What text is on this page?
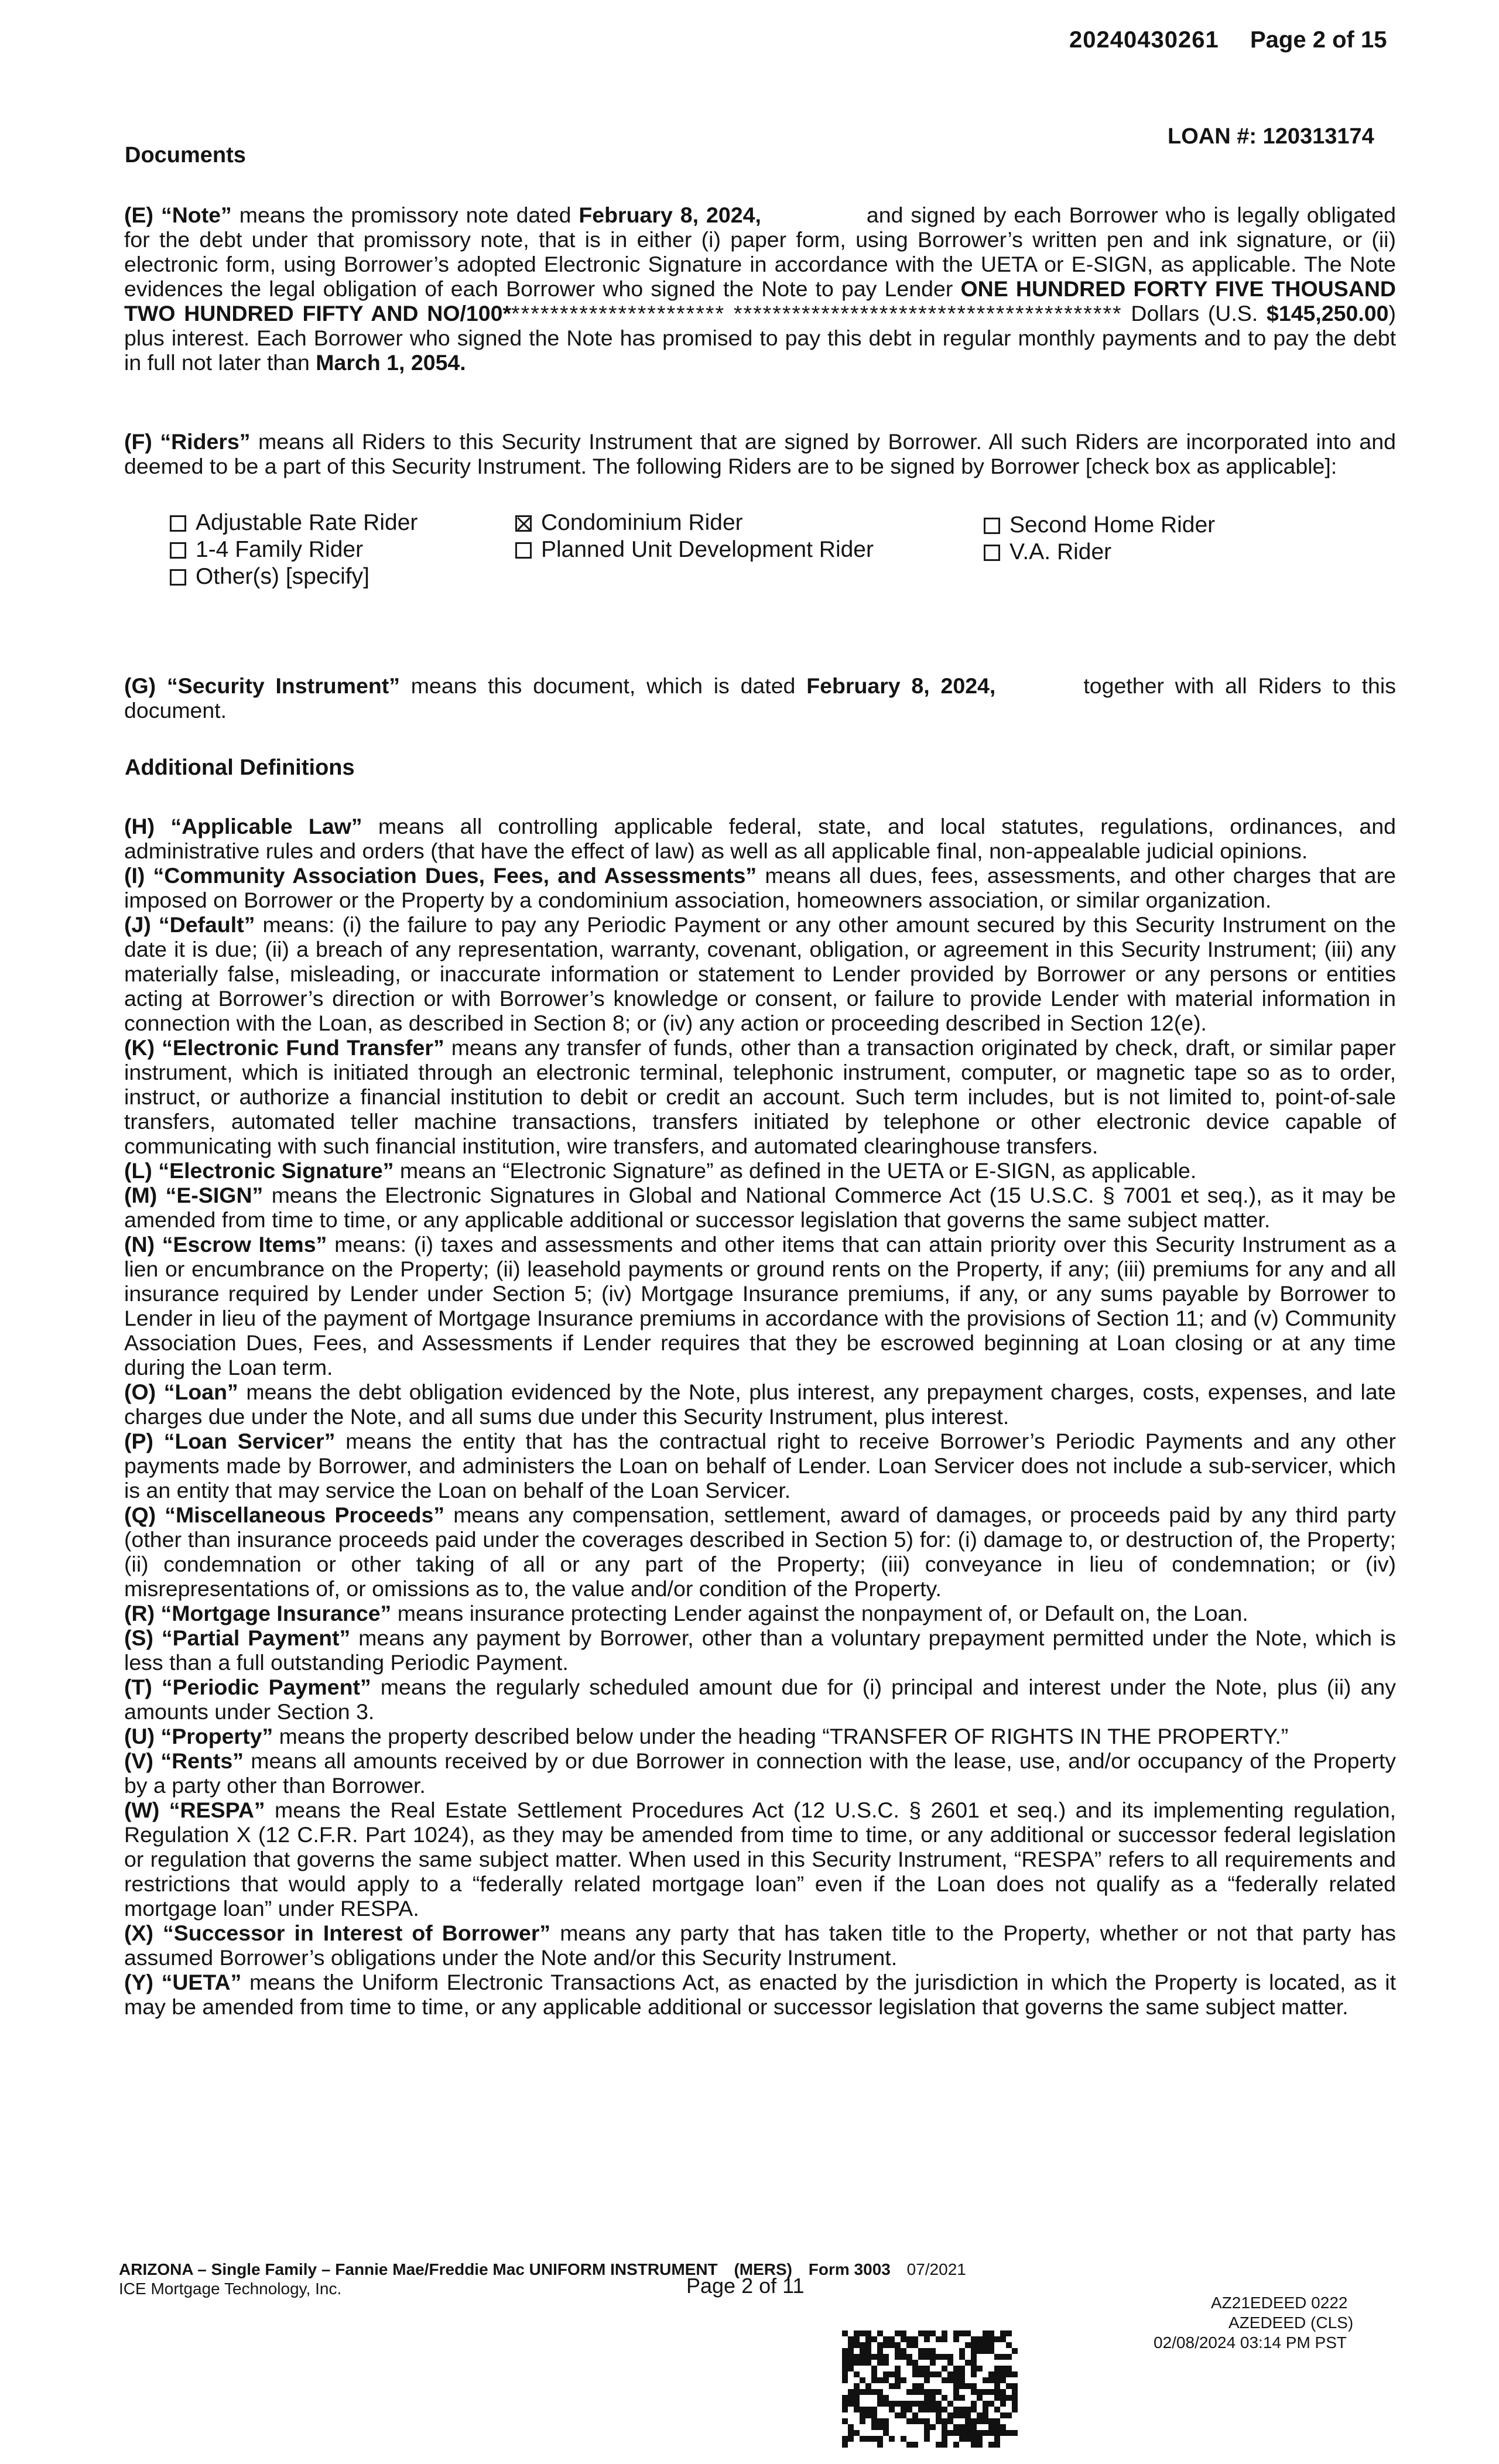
20240430261 Page 2 of 15
LOAN #: 120313174
Documents

(E) “Note” means the promissory note dated February 8, 2024,	and signed by each Borrower who is legally obligated for the debt under that promissory note, that is in either (i) paper form, using Borrower’s written pen and ink signature, or (ii) electronic form, using Borrower’s adopted Electronic Signature in accordance with the UETA or E-SIGN, as applicable. The Note evidences the legal obligation of each Borrower who signed the Note to pay Lender ONE HUNDRED FORTY FIVE THOUSAND TWO HUNDRED FIFTY AND NO/100*********************** **************************************** Dollars (U.S. $145,250.00) plus interest. Each Borrower who signed the Note has promised to pay this debt in regular monthly payments and to pay the debt in full not later than March 1, 2054.

(F) “Riders” means all Riders to this Security Instrument that are signed by Borrower. All such Riders are incorporated into and deemed to be a part of this Security Instrument. The following Riders are to be signed by Borrower [check box as applicable]:

Adjustable Rate Rider
1-4 Family Rider
Other(s) [specify]
Condominium Rider
Planned Unit Development Rider
Second Home Rider
V.A. Rider

(G) “Security Instrument” means this document, which is dated February 8, 2024,	together with all Riders to this document.

Additional Definitions

(H) “Applicable Law” means all controlling applicable federal, state, and local statutes, regulations, ordinances, and administrative rules and orders (that have the effect of law) as well as all applicable final, non-appealable judicial opinions.

(I) “Community Association Dues, Fees, and Assessments” means all dues, fees, assessments, and other charges that are imposed on Borrower or the Property by a condominium association, homeowners association, or similar organization.

(J) “Default” means: (i) the failure to pay any Periodic Payment or any other amount secured by this Security Instrument on the date it is due; (ii) a breach of any representation, warranty, covenant, obligation, or agreement in this Security Instrument; (iii) any materially false, misleading, or inaccurate information or statement to Lender provided by Borrower or any persons or entities acting at Borrower’s direction or with Borrower’s knowledge or consent, or failure to provide Lender with material information in connection with the Loan, as described in Section 8; or (iv) any action or proceeding described in Section 12(e).

(K) “Electronic Fund Transfer” means any transfer of funds, other than a transaction originated by check, draft, or similar paper instrument, which is initiated through an electronic terminal, telephonic instrument, computer, or magnetic tape so as to order, instruct, or authorize a financial institution to debit or credit an account. Such term includes, but is not limited to, point-of-sale transfers, automated teller machine transactions, transfers initiated by telephone or other electronic device capable of communicating with such financial institution, wire transfers, and automated clearinghouse transfers.

(L) “Electronic Signature” means an “Electronic Signature” as defined in the UETA or E-SIGN, as applicable.

(M) “E-SIGN” means the Electronic Signatures in Global and National Commerce Act (15 U.S.C. § 7001 et seq.), as it may be amended from time to time, or any applicable additional or successor legislation that governs the same subject matter.

(N) “Escrow Items” means: (i) taxes and assessments and other items that can attain priority over this Security Instrument as a lien or encumbrance on the Property; (ii) leasehold payments or ground rents on the Property, if any; (iii) premiums for any and all insurance required by Lender under Section 5; (iv) Mortgage Insurance premiums, if any, or any sums payable by Borrower to Lender in lieu of the payment of Mortgage Insurance premiums in accordance with the provisions of Section 11; and (v) Community Association Dues, Fees, and Assessments if Lender requires that they be escrowed beginning at Loan closing or at any time during the Loan term.

(O) “Loan” means the debt obligation evidenced by the Note, plus interest, any prepayment charges, costs, expenses, and late charges due under the Note, and all sums due under this Security Instrument, plus interest.

(P) “Loan Servicer” means the entity that has the contractual right to receive Borrower’s Periodic Payments and any other payments made by Borrower, and administers the Loan on behalf of Lender. Loan Servicer does not include a sub-servicer, which is an entity that may service the Loan on behalf of the Loan Servicer.

(Q) “Miscellaneous Proceeds” means any compensation, settlement, award of damages, or proceeds paid by any third party (other than insurance proceeds paid under the coverages described in Section 5) for: (i) damage to, or destruction of, the Property; (ii) condemnation or other taking of all or any part of the Property; (iii) conveyance in lieu of condemnation; or (iv) misrepresentations of, or omissions as to, the value and/or condition of the Property.

(R) “Mortgage Insurance” means insurance protecting Lender against the nonpayment of, or Default on, the Loan.

(S) “Partial Payment” means any payment by Borrower, other than a voluntary prepayment permitted under the Note, which is less than a full outstanding Periodic Payment.

(T) “Periodic Payment” means the regularly scheduled amount due for (i) principal and interest under the Note, plus (ii) any amounts under Section 3.

(U) “Property” means the property described below under the heading “TRANSFER OF RIGHTS IN THE PROPERTY.”

(V) “Rents” means all amounts received by or due Borrower in connection with the lease, use, and/or occupancy of the Property by a party other than Borrower.

(W) “RESPA” means the Real Estate Settlement Procedures Act (12 U.S.C. § 2601 et seq.) and its implementing regulation, Regulation X (12 C.F.R. Part 1024), as they may be amended from time to time, or any additional or successor federal legislation or regulation that governs the same subject matter. When used in this Security Instrument, “RESPA” refers to all requirements and restrictions that would apply to a “federally related mortgage loan” even if the Loan does not qualify as a “federally related mortgage loan” under RESPA.

(X) “Successor in Interest of Borrower” means any party that has taken title to the Property, whether or not that party has assumed Borrower’s obligations under the Note and/or this Security Instrument.

(Y) “UETA” means the Uniform Electronic Transactions Act, as enacted by the jurisdiction in which the Property is located, as it may be amended from time to time, or any applicable additional or successor legislation that governs the same subject matter.

ARIZONA – Single Family – Fannie Mae/Freddie Mac UNIFORM INSTRUMENT (MERS) Form 3003 07/2021
ICE Mortgage Technology, Inc.	Page 2 of 11
AZ21EDEED 0222
AZEDEED (CLS)
02/08/2024 03:14 PM PST
